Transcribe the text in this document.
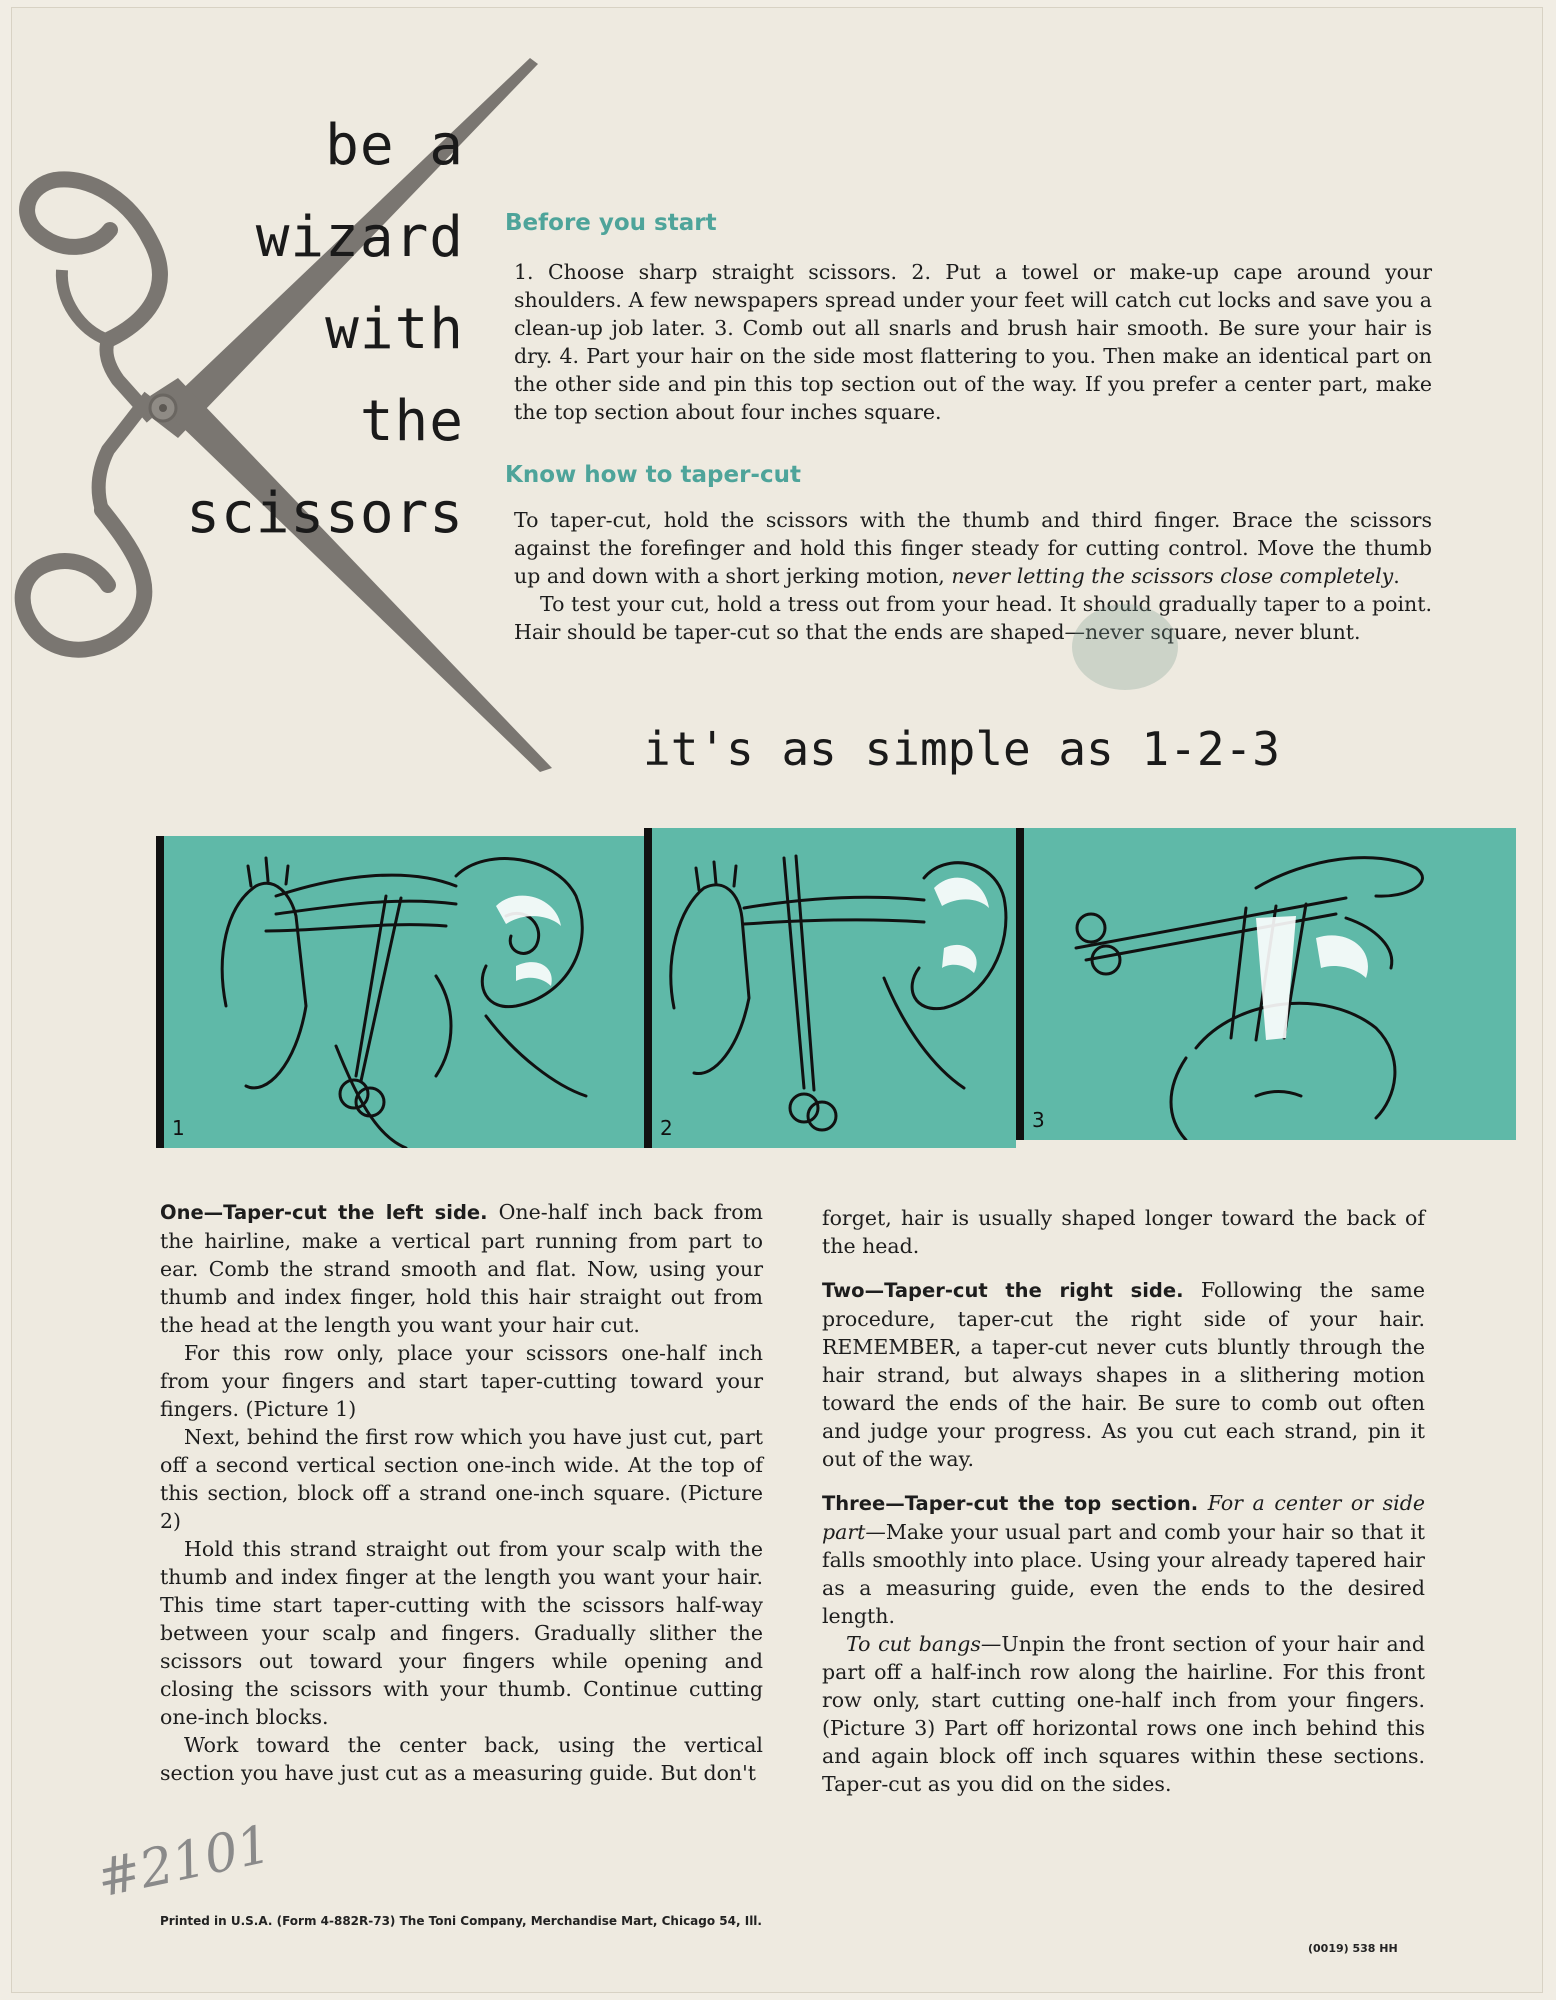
be a
wizard
with
the
scissors
Before you start

1. Choose sharp straight scissors. 2. Put a towel or make-up cape around your shoulders. A few newspapers spread under your feet will catch cut locks and save you a clean-up job later. 3. Comb out all snarls and brush hair smooth. Be sure your hair is dry. 4. Part your hair on the side most flattering to you. Then make an identical part on the other side and pin this top section out of the way. If you prefer a center part, make the top section about four inches square.

Know how to taper-cut

To taper-cut, hold the scissors with the thumb and third finger. Brace the scissors against the forefinger and hold this finger steady for cutting control. Move the thumb up and down with a short jerking motion, never letting the scissors close completely.

To test your cut, hold a tress out from your head. It should gradually taper to a point. Hair should be taper-cut so that the ends are shaped—never square, never blunt.

it's as simple as 1-2-3
1	2	3

One—Taper-cut the left side. One-half inch back from the hairline, make a vertical part running from part to ear. Comb the strand smooth and flat. Now, using your thumb and index finger, hold this hair straight out from the head at the length you want your hair cut.

For this row only, place your scissors one-half inch from your fingers and start taper-cutting toward your fingers. (Picture 1)

Next, behind the first row which you have just cut, part off a second vertical section one-inch wide. At the top of this section, block off a strand one-inch square. (Picture 2)

Hold this strand straight out from your scalp with the thumb and index finger at the length you want your hair. This time start taper-cutting with the scissors half-way between your scalp and fingers. Gradually slither the scissors out toward your fingers while opening and closing the scissors with your thumb. Continue cutting one-inch blocks.

Work toward the center back, using the vertical section you have just cut as a measuring guide. But don't

forget, hair is usually shaped longer toward the back of the head.

Two—Taper-cut the right side. Following the same procedure, taper-cut the right side of your hair. REMEMBER, a taper-cut never cuts bluntly through the hair strand, but always shapes in a slithering motion toward the ends of the hair. Be sure to comb out often and judge your progress. As you cut each strand, pin it out of the way.

Three—Taper-cut the top section. For a center or side part—Make your usual part and comb your hair so that it falls smoothly into place. Using your already tapered hair as a measuring guide, even the ends to the desired length.

To cut bangs—Unpin the front section of your hair and part off a half-inch row along the hairline. For this front row only, start cutting one-half inch from your fingers. (Picture 3) Part off horizontal rows one inch behind this and again block off inch squares within these sections. Taper-cut as you did on the sides.

#2101
Printed in U.S.A. (Form 4-882R-73) The Toni Company, Merchandise Mart, Chicago 54, Ill.
(0019) 538 HH
